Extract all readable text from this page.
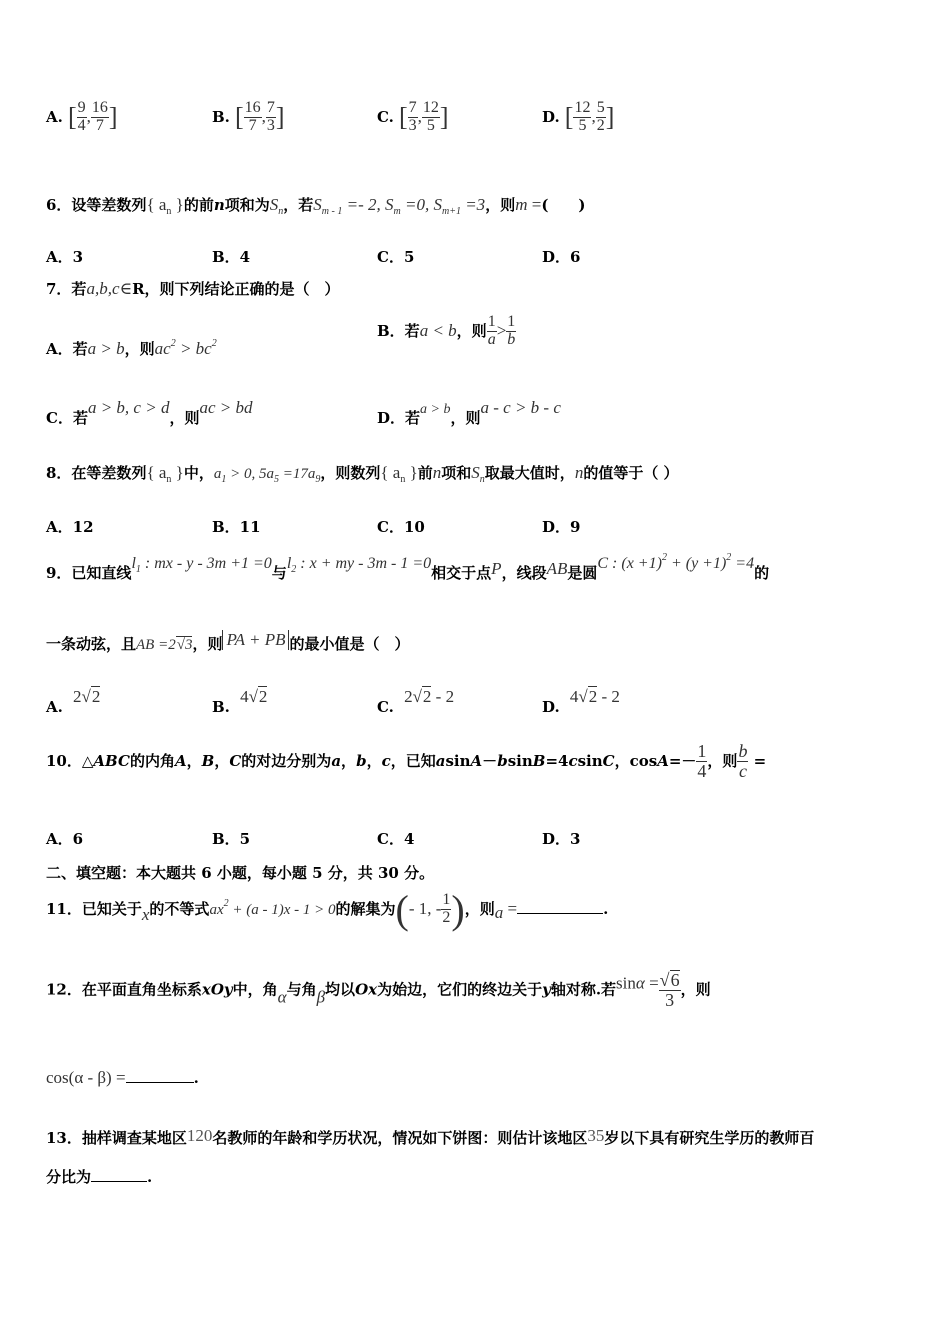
A. [ $\frac{9}{4}$ , $\frac{16}{7}$ ]	B. [ $\frac{16}{7}$ , $\frac{7}{3}$ ]	C. [ $\frac{7}{3}$ , $\frac{12}{5}$ ]	D. [ $\frac{12}{5}$ , $\frac{5}{2}$ ]
6．设等差数列{ $a_n$ }的前n项和为$S_n$，若$S_{m - 1} =- 2$, $S_m =0$, $S_{m+1} =3$，则m =(　　)
A．3	B．4	C．5	D．6
7．若a,b,c∈R，则下列结论正确的是（　）
A．若a > b，则$ac^2 > bc^2$
B．若a < b，则 $\frac{1}{a} > \frac{1}{b}$
C．若a > b, c > d，则ac > bd
D．若a > b，则a - c > b - c
8．在等差数列{ $a_n$ }中，$a_1 > 0$, $5a_5 =17a_9$，则数列{ $a_n$ }前n项和$S_n$取最大值时，n的值等于（ ）
A．12	B．11	C．10	D．9
9．已知直线$l_1$ : mx - y - 3m +1 =0与$l_2$ : x + my - 3m - 1 =0相交于点P，线段AB是圆C : $(x +1)^2 + (y +1)^2 =4$的
一条动弦，且AB =2√3，则 PA + PB 的最小值是（　）
A.  2√2
B.  4√2
C.  2√2 - 2
D.  4√2 - 2
10．△ABC的内角A，B，C的对边分别为a，b，c，已知asinA－bsinB=4csinC，$\cos A=- \frac{1}{4}$ ，则 $\frac{b}{c}$ =
A．6	B．5	C．4	D．3
二、填空题：本大题共 6 小题，每小题 5 分，共 30 分。
11．已知关于x的不等式$ax^2 + (a - 1)x - 1 > 0$的解集为(- 1, - $\frac{1}{2}$ )，则a =	.
12．在平面直角坐标系xOy中，角α与角β均以Ox为始边，它们的终边关于y轴对称.若$\sin\alpha = \frac{√6}{3}$ ，则
cos(α - β) =	.
13．抽样调查某地区120名教师的年龄和学历状况，情况如下饼图：则估计该地区35岁以下具有研究生学历的教师百
分比为	.
